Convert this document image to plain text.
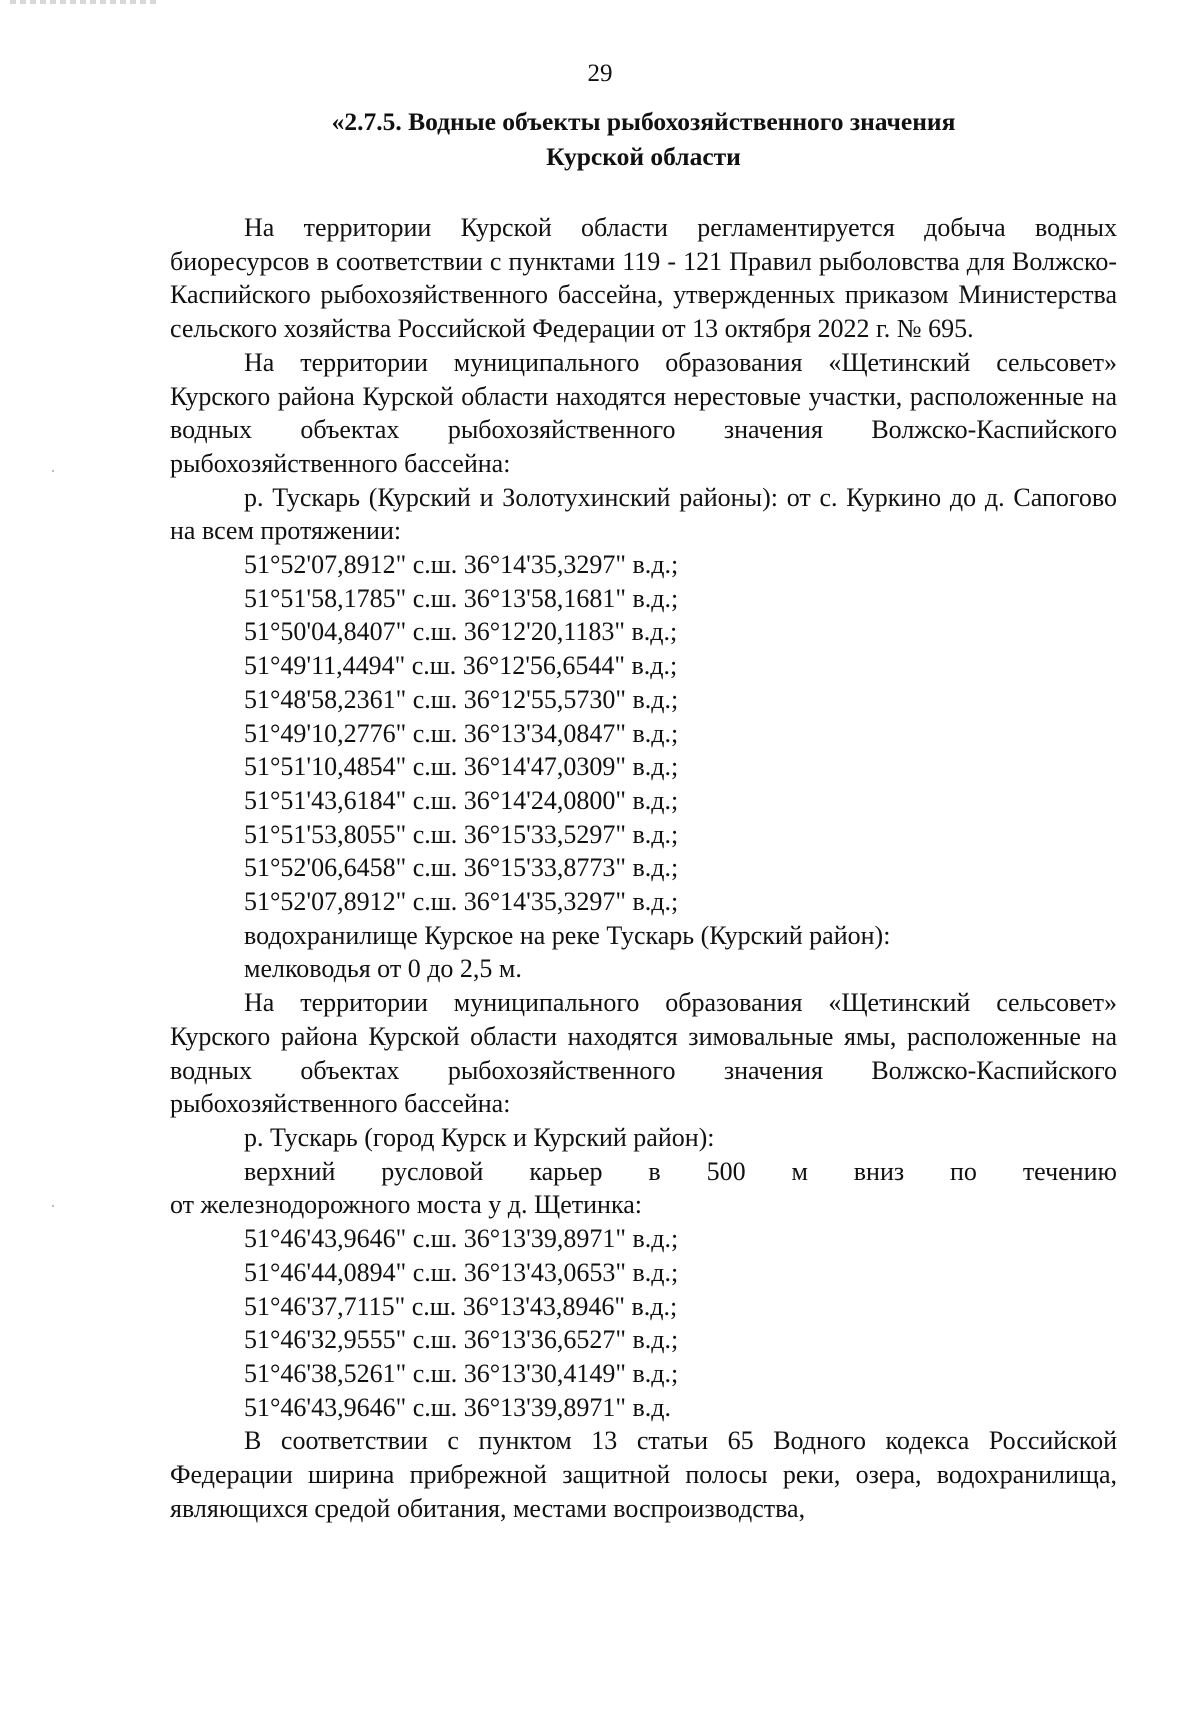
29
«2.7.5. Водные объекты рыбохозяйственного значения
Курской области

На территории Курской области регламентируется добыча водных биоресурсов в соответствии с пунктами 119 - 121 Правил рыболовства для Волжско-Каспийского рыбохозяйственного бассейна, утвержденных приказом Министерства сельского хозяйства Российской Федерации от 13 октября 2022 г. № 695.

На территории муниципального образования «Щетинский сельсовет» Курского района Курской области находятся нерестовые участки, расположенные на водных объектах рыбохозяйственного значения Волжско-Каспийского рыбохозяйственного бассейна:

р. Тускарь (Курский и Золотухинский районы): от с. Куркино до д. Сапогово на всем протяжении:

51°52'07,8912" с.ш. 36°14'35,3297" в.д.;
51°51'58,1785" с.ш. 36°13'58,1681" в.д.;
51°50'04,8407" с.ш. 36°12'20,1183" в.д.;
51°49'11,4494" с.ш. 36°12'56,6544" в.д.;
51°48'58,2361" с.ш. 36°12'55,5730" в.д.;
51°49'10,2776" с.ш. 36°13'34,0847" в.д.;
51°51'10,4854" с.ш. 36°14'47,0309" в.д.;
51°51'43,6184" с.ш. 36°14'24,0800" в.д.;
51°51'53,8055" с.ш. 36°15'33,5297" в.д.;
51°52'06,6458" с.ш. 36°15'33,8773" в.д.;
51°52'07,8912" с.ш. 36°14'35,3297" в.д.;

водохранилище Курское на реке Тускарь (Курский район):

мелководья от 0 до 2,5 м.

На территории муниципального образования «Щетинский сельсовет» Курского района Курской области находятся зимовальные ямы, расположенные на водных объектах рыбохозяйственного значения Волжско-Каспийского рыбохозяйственного бассейна:

р. Тускарь (город Курск и Курский район):

верхний русловой карьер в 500 м вниз по течению

от железнодорожного моста у д. Щетинка:

51°46'43,9646" с.ш. 36°13'39,8971" в.д.;
51°46'44,0894" с.ш. 36°13'43,0653" в.д.;
51°46'37,7115" с.ш. 36°13'43,8946" в.д.;
51°46'32,9555" с.ш. 36°13'36,6527" в.д.;
51°46'38,5261" с.ш. 36°13'30,4149" в.д.;
51°46'43,9646" с.ш. 36°13'39,8971" в.д.

В соответствии с пунктом 13 статьи 65 Водного кодекса Российской Федерации ширина прибрежной защитной полосы реки, озера, водохранилища, являющихся средой обитания, местами воспроизводства,
